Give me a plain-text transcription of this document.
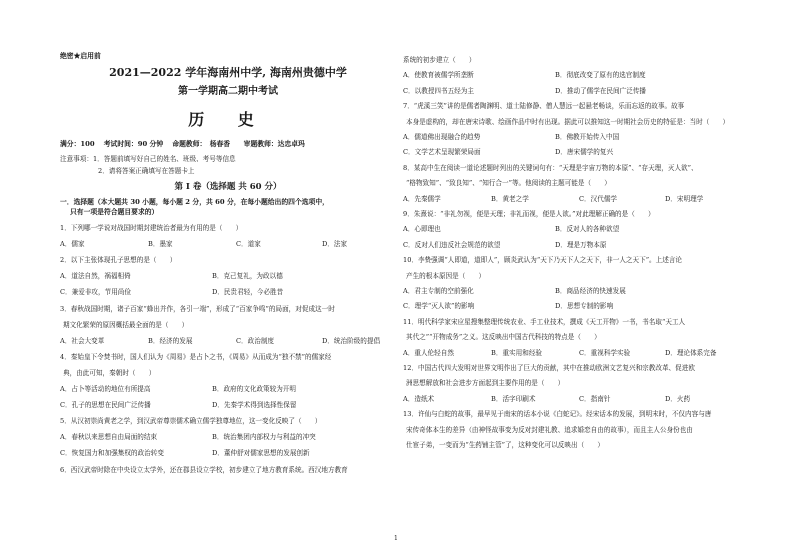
绝密★启用前
2021—2022 学年海南州中学, 海南州贵德中学
第一学期高二期中考试
历 史
满分：100　 考试时间：90 分钟　 命题教师：　杨春香　　审题教师：达忠卓玛
注意事项：1．答题前填写好自己的姓名、班级、考号等信息
2．请将答案正确填写在答题卡上
第 I 卷（选择题 共 60 分）
一．选择题（本大题共 30 小题，每小题 2 分，共 60 分，在每小题给出的四个选项中，
只有一项是符合题目要求的）
1．下列哪一学说对战国时期封建统治者最为有用的是（　　）
A．儒家	B．墨家	C．道家	D．法家
2．以下主张体现孔子思想的是（　　）
A．道法自然，祸福相倚	B．克己复礼，为政以德
C．兼爱非攻，节用尚俭	D．民贵君轻，今必胜昔
3．春秋战国时期，诸子百家“蜂出并作，各引一端”，形成了“百家争鸣”的局面，对促成这一时
期文化繁荣的原因概括最全面的是（　　）
A．社会大变革	B．经济的发展	C．政治制度	D．统治阶级的提倡
4．秦始皇下令焚书时，国人们认为《周易》是占卜之书，《周易》从而成为“独不禁”的儒家经
典，由此可知，秦朝时（　　）
A．占卜等活动的地位有所提高	B．政府的文化政策较为开明
C．孔子的思想在民间广泛传播	D．先秦学术得到选择性保留
5．从汉初崇尚黄老之学，到汉武帝尊崇儒术确立儒学独尊地位，这一变化反映了（　　）
A．春秋以来思想自由局面的结束	B．统治集团内部权力与利益的冲突
C．恢复国力和加强集权的政治转变	D．董仲舒对儒家思想的发展创新
6．西汉武帝时除在中央设立太学外，还在郡县设立学校，初步建立了地方教育系统。西汉地方教育
系统的初步建立（　　）
A．使教育被儒学所垄断	B．彻底改变了原有的选官制度
C．以教授四书五经为主	D．推动了儒学在民间广泛传播
7．“虎溪三笑”讲的是儒者陶渊明、道士陆修静、僧人慧远一起悬老畅谈，乐而忘返的故事。故事
本身是虚构的，却在唐宋诗歌、绘画作品中时有出现。据此可以推知这一时期社会历史的特征是：当时（　　）
A．儒道佛出现融合的趋势	B．佛教开始传入中国
C．文学艺术呈现繁荣局面	D．唐宋儒学的复兴
8．某高中生在阅读一道论述题时列出的关键词句有：“天理是宇宙万物的本原”、“存天理，灭人欲”、
“格物致知”、“致良知”、“知行合一”等。他阅读的主题可能是（　　）
A．先秦儒学	B．黄老之学	C．汉代儒学	D．宋明理学
9．朱熹说：“非礼勿视，便是天理；非礼而视，便是人欲。”对此理解正确的是（　　）
A．心即理也	B．反对人的各种欲望
C．反对人们违反社会规范的欲望	D．理是万物本原
10．李贽强调“人即道，道即人”，顾炎武认为“天下乃天下人之天下，非一人之天下”。上述言论
产生的根本原因是（　　）
A．君主专制的空前强化	B．商品经济的快速发展
C．理学“灭人欲”的影响	D．思想专制的影响
11．明代科学家宋应星搜集整理传统农业、手工业技术，撰成《天工开物》一书，书名取“天工人
其代之”“开物成务”之义。这反映出中国古代科技的特点是（　　）
A．重人伦轻自然	B．重实用和经验	C．重视科学实验	D．理论体系完备
12．中国古代四大发明对世界文明作出了巨大的贡献，其中在推动欧洲文艺复兴和宗教改革、促进欧
洲思想解放和社会进步方面起到主要作用的是（　　）
A．造纸术	B．活字印刷术	C．指南针	D．火药
13．许仙与白蛇的故事，最早见于南宋的话本小说《白蛇记》。经宋话本的发展，到明末时，不仅内容与唐
宋传奇体本生的差异（由神怪故事变为反对封建礼教、追求婚恋自由的故事），而且主人公身份也由
仕宦子弟，一变而为“生药铺主管”了，这种变化可以反映出（　　）
1
